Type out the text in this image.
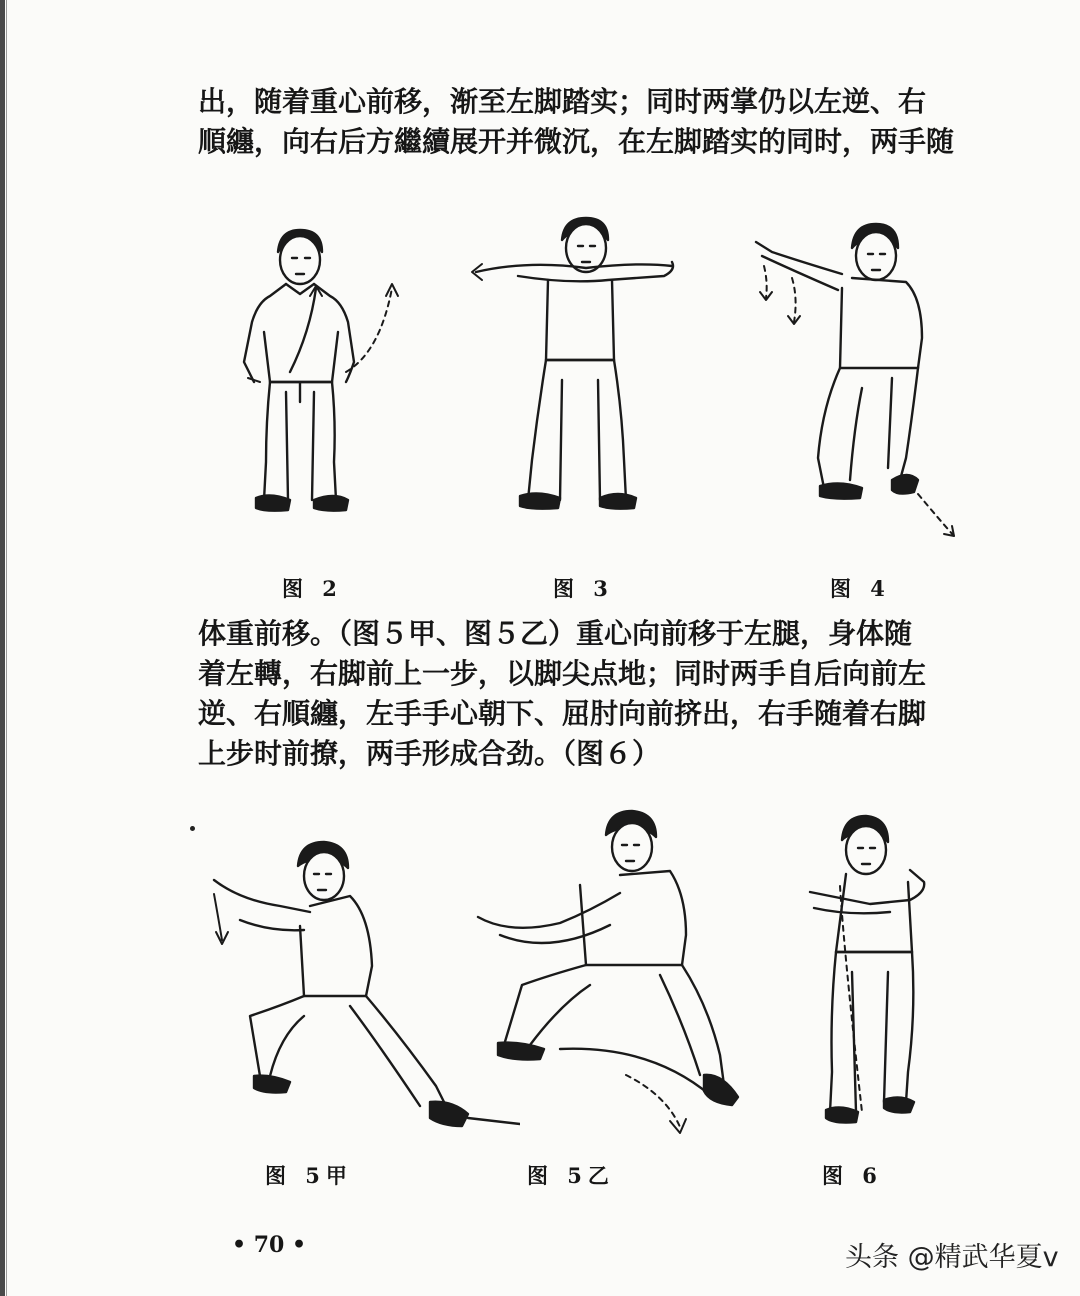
出，随着重心前移，渐至左脚踏实；同时两掌仍以左逆、右
順纏，向右后方繼續展开并微沉，在左脚踏实的同时，两手随

图 2	图 3	图 4

体重前移。（图５甲、图５乙）重心向前移于左腿，身体随
着左轉，右脚前上一步，以脚尖点地；同时两手自后向前左
逆、右順纏，左手手心朝下、屈肘向前挤出，右手随着右脚
上步时前撩，两手形成合劲。（图６）

图 5甲	图 5乙	图 6
• 70 •	头条 @精武华夏v
